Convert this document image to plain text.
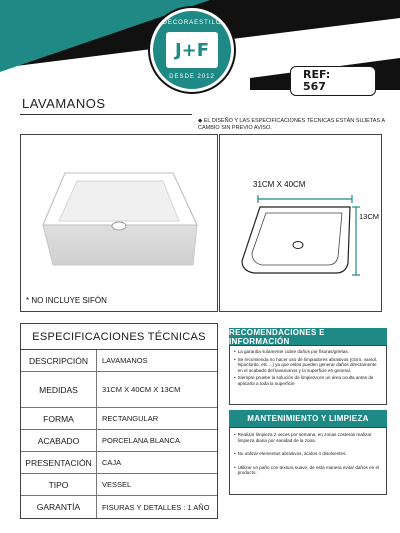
DECORAESTILO
J+F
DESDE 2012	REF:
567
LAVAMANOS
◆ EL DISEÑO Y LAS ESPECIFICACIONES TÉCNICAS ESTÁN SUJETAS A CAMBIO SIN PREVIO AVISO.
* NO INCLUYE SIFÓN
31CM X 40CM
13CM
ESPECIFICACIONES TÉCNICAS
DESCRIPCIÓN	LAVAMANOS
MEDIDAS	31CM X 40CM X 13CM
FORMA	RECTANGULAR
ACABADO	PORCELANA BLANCA
PRESENTACIÓN	CAJA
TIPO	VESSEL
GARANTÍA	FISURAS Y DETALLES : 1 AÑO
RECOMENDACIONES E INFORMACIÓN
• La garantía solamente cubre daños por fisuras/grietas.
• Se recomienda no hacer uso de limpiadores abrasivos (cloro, varsol, hipoclorito, etc....) ya que estos pueden generar daños directamente en el acabado del lavamanos y la superficie en general.
• Siempre pruebe la solución de limpieza en un área oculta antes de aplicarla a toda la superficie
MANTENIMIENTO Y LIMPIEZA
• Realizar limpieza 2 veces por semana, en zonas costeras realizar limpieza diaria por sanidad de la zona.
• No utilizar elementos abrasivos, ácidos o disolventes.
• Utilizar un paño con textura suave, de esta manera evitar daños en el producto.
